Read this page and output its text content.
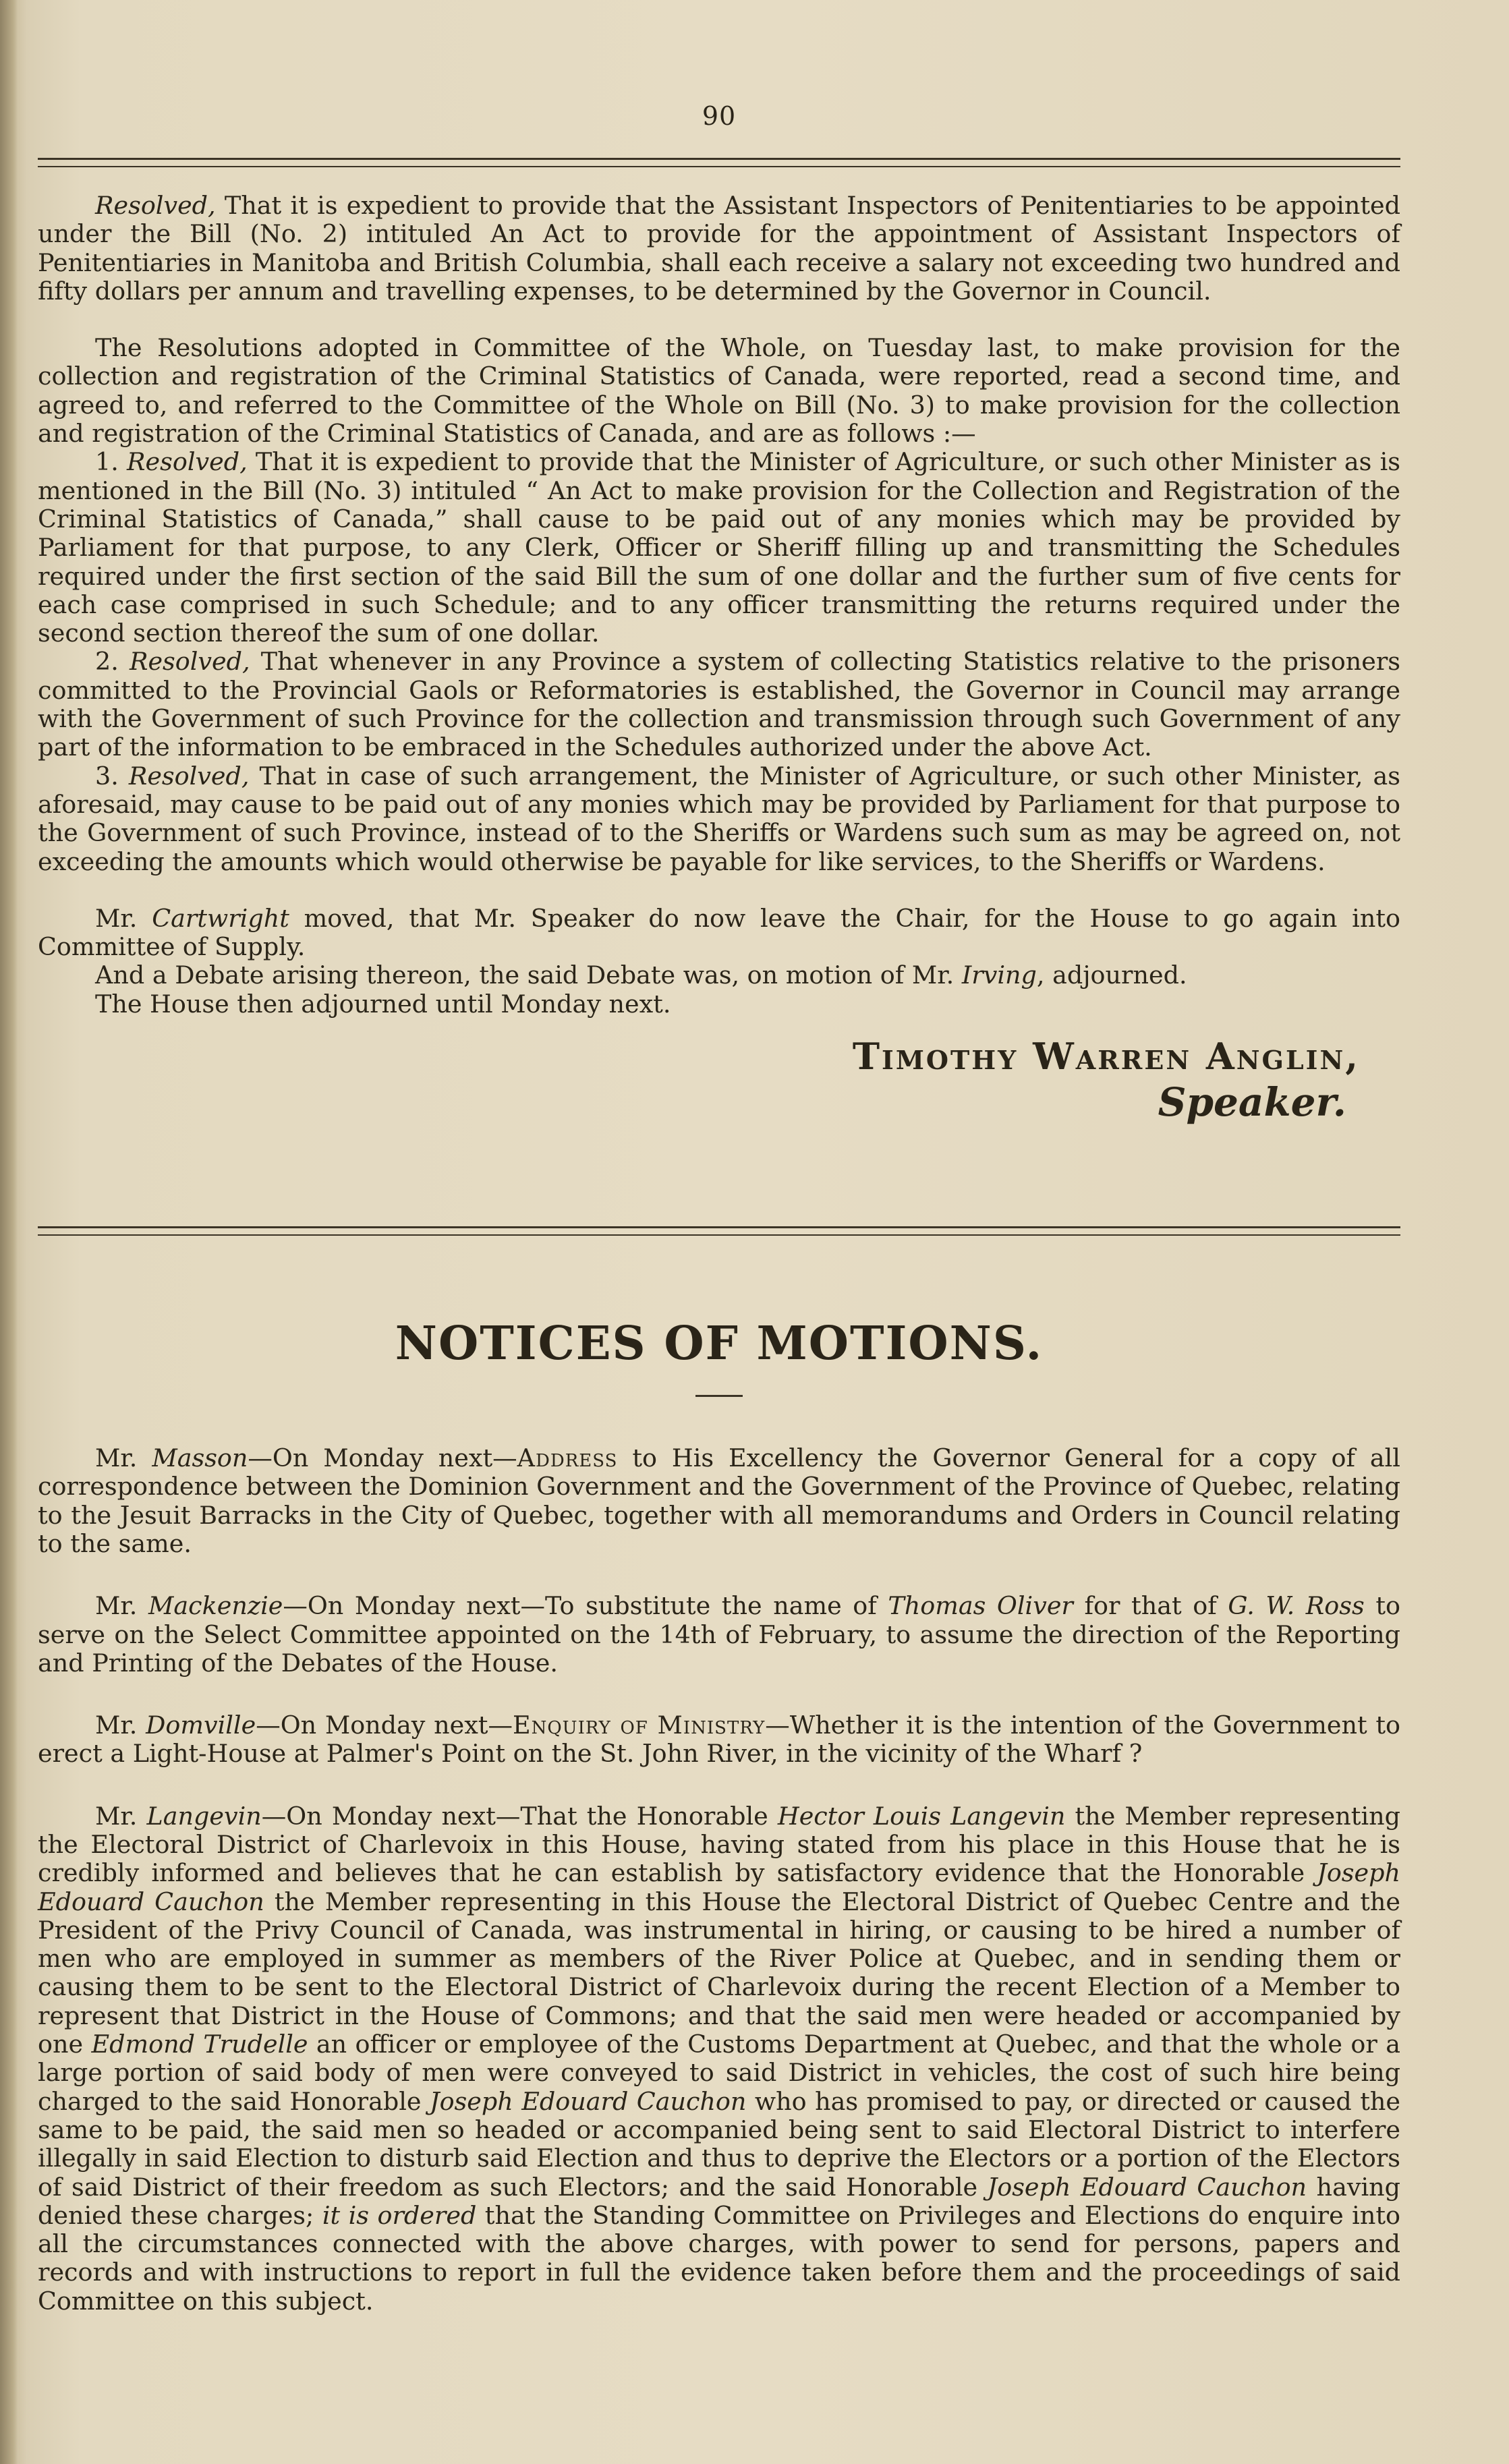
90

Resolved, That it is expedient to provide that the Assistant Inspectors of Penitentiaries to be appointed under the Bill (No. 2) intituled An Act to provide for the appointment of Assistant Inspectors of Penitentiaries in Manitoba and British Columbia, shall each receive a salary not exceeding two hundred and fifty dollars per annum and travelling expenses, to be determined by the Governor in Council.

The Resolutions adopted in Committee of the Whole, on Tuesday last, to make provision for the collection and registration of the Criminal Statistics of Canada, were reported, read a second time, and agreed to, and referred to the Committee of the Whole on Bill (No. 3) to make provision for the collection and registration of the Criminal Statistics of Canada, and are as follows :—

1. Resolved, That it is expedient to provide that the Minister of Agriculture, or such other Minister as is mentioned in the Bill (No. 3) intituled “ An Act to make provision for the Collection and Registration of the Criminal Statistics of Canada,” shall cause to be paid out of any monies which may be provided by Parliament for that purpose, to any Clerk, Officer or Sheriff filling up and transmitting the Schedules required under the first section of the said Bill the sum of one dollar and the further sum of five cents for each case comprised in such Schedule; and to any officer transmitting the returns required under the second section thereof the sum of one dollar.

2. Resolved, That whenever in any Province a system of collecting Statistics relative to the prisoners committed to the Provincial Gaols or Reformatories is established, the Governor in Council may arrange with the Government of such Province for the collection and transmission through such Government of any part of the information to be embraced in the Schedules authorized under the above Act.

3. Resolved, That in case of such arrangement, the Minister of Agriculture, or such other Minister, as aforesaid, may cause to be paid out of any monies which may be provided by Parliament for that purpose to the Government of such Province, instead of to the Sheriffs or Wardens such sum as may be agreed on, not exceeding the amounts which would otherwise be payable for like services, to the Sheriffs or Wardens.

Mr. Cartwright moved, that Mr. Speaker do now leave the Chair, for the House to go again into Committee of Supply.

And a Debate arising thereon, the said Debate was, on motion of Mr. Irving, adjourned.

The House then adjourned until Monday next.

Timothy Warren Anglin,
Speaker.
NOTICES OF MOTIONS.

Mr. Masson—On Monday next—Address to His Excellency the Governor General for a copy of all correspondence between the Dominion Government and the Government of the Province of Quebec, relating to the Jesuit Barracks in the City of Quebec, together with all memorandums and Orders in Council relating to the same.

Mr. Mackenzie—On Monday next—To substitute the name of Thomas Oliver for that of G. W. Ross to serve on the Select Committee appointed on the 14th of February, to assume the direction of the Reporting and Printing of the Debates of the House.

Mr. Domville—On Monday next—Enquiry of Ministry—Whether it is the intention of the Government to erect a Light-House at Palmer's Point on the St. John River, in the vicinity of the Wharf ?

Mr. Langevin—On Monday next—That the Honorable Hector Louis Langevin the Member representing the Electoral District of Charlevoix in this House, having stated from his place in this House that he is credibly informed and believes that he can establish by satisfactory evidence that the Honorable Joseph Edouard Cauchon the Member representing in this House the Electoral District of Quebec Centre and the President of the Privy Council of Canada, was instrumental in hiring, or causing to be hired a number of men who are employed in summer as members of the River Police at Quebec, and in sending them or causing them to be sent to the Electoral District of Charlevoix during the recent Election of a Member to represent that District in the House of Commons; and that the said men were headed or accompanied by one Edmond Trudelle an officer or employee of the Customs Department at Quebec, and that the whole or a large portion of said body of men were conveyed to said District in vehicles, the cost of such hire being charged to the said Honorable Joseph Edouard Cauchon who has promised to pay, or directed or caused the same to be paid, the said men so headed or accompanied being sent to said Electoral District to interfere illegally in said Election to disturb said Election and thus to deprive the Electors or a portion of the Electors of said District of their freedom as such Electors; and the said Honorable Joseph Edouard Cauchon having denied these charges; it is ordered that the Standing Committee on Privileges and Elections do enquire into all the circumstances connected with the above charges, with power to send for persons, papers and records and with instructions to report in full the evidence taken before them and the proceedings of said Committee on this subject.
